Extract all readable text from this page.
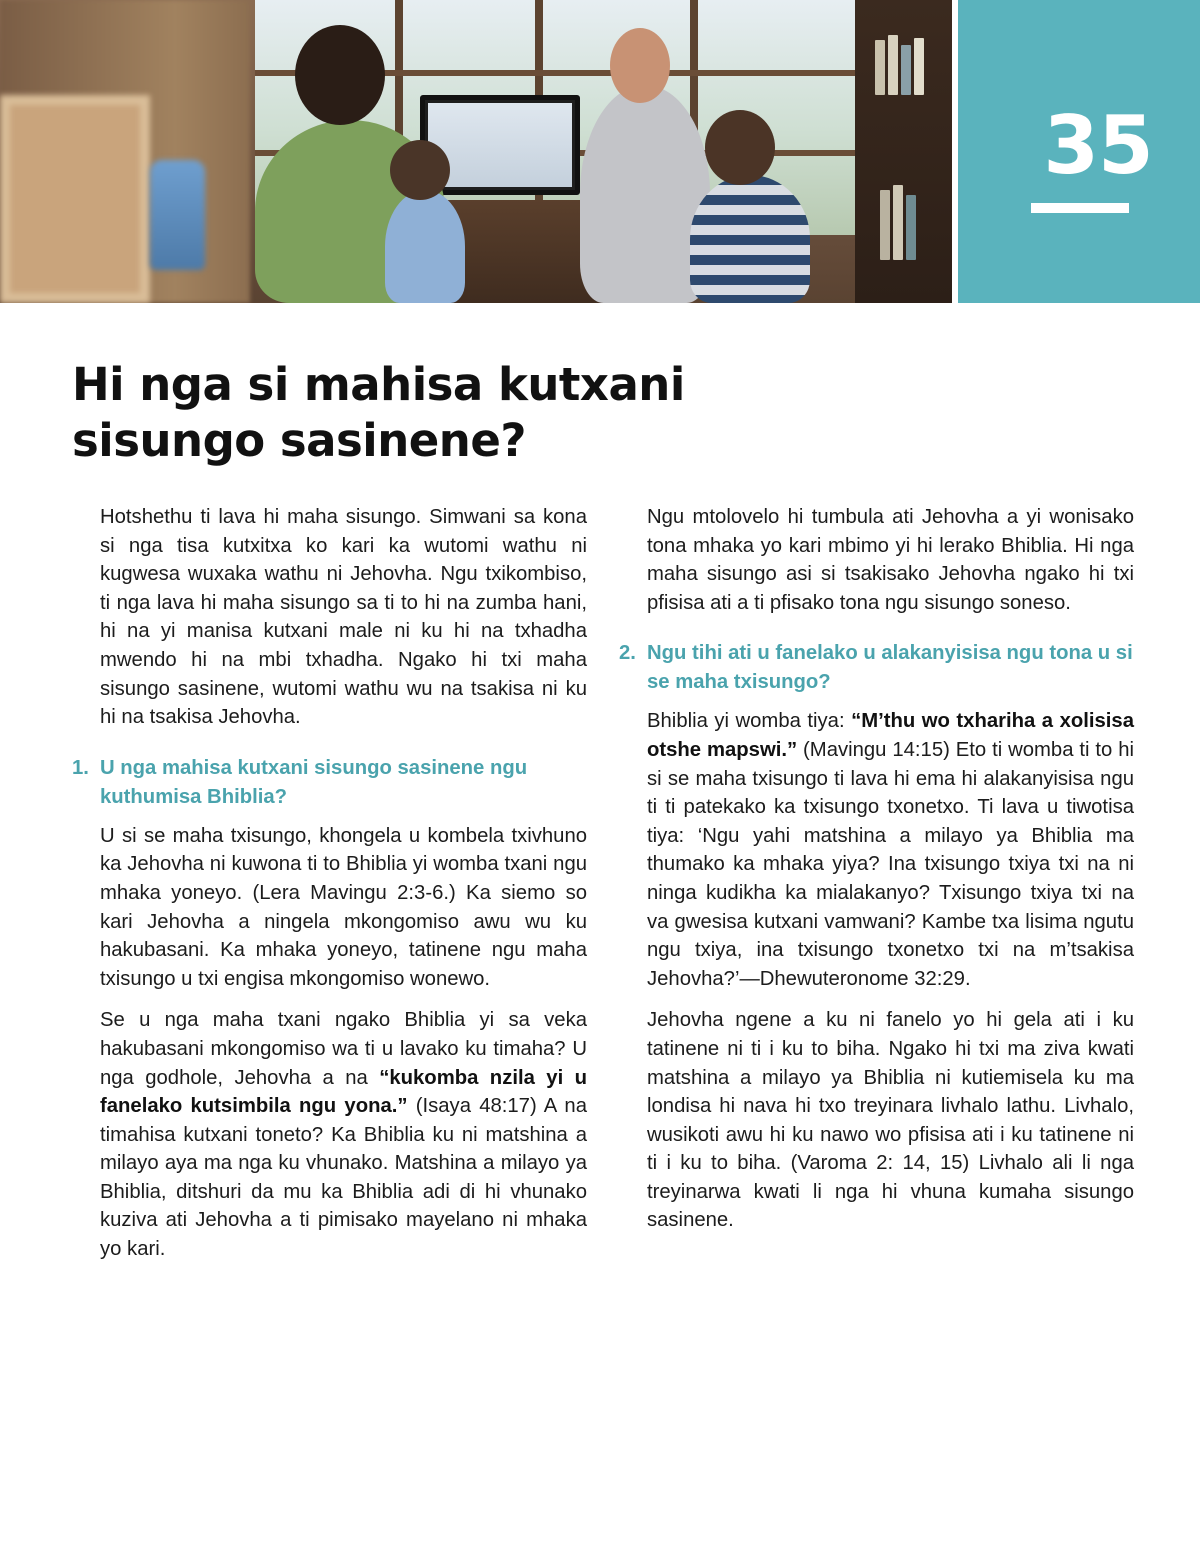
35
Hi nga si mahisa kutxani sisungo sasinene?

Hotshethu ti lava hi maha sisungo. Simwani sa kona si nga tisa kutxitxa ko kari ka wutomi wathu ni kugwesa wuxaka wathu ni Jehovha. Ngu txikombiso, ti nga lava hi maha sisungo sa ti to hi na zumba hani, hi na yi manisa kutxani male ni ku hi na txhadha mwendo hi na mbi txhadha. Ngako hi txi maha sisungo sasinene, wutomi wathu wu na tsakisa ni ku hi na tsakisa Jehovha.

1. U nga mahisa kutxani sisungo sasinene ngu kuthumisa Bhiblia?

U si se maha txisungo, khongela u kombela txivhuno ka Jehovha ni kuwona ti to Bhiblia yi womba txani ngu mhaka yoneyo. (Lera Mavingu 2:3-6.) Ka siemo so kari Jehovha a ningela mkongomiso awu wu ku hakubasani. Ka mhaka yoneyo, tatinene ngu maha txisungo u txi engisa mkongomiso wonewo.

Se u nga maha txani ngako Bhiblia yi sa veka hakubasani mkongomiso wa ti u lavako ku timaha? U nga godhole, Jehovha a na “kukomba nzila yi u fanelako kutsimbila ngu yona.” (Isaya 48:17) A na timahisa kutxani toneto? Ka Bhiblia ku ni matshina a milayo aya ma nga ku vhunako. Matshina a milayo ya Bhiblia, ditshuri da mu ka Bhiblia adi di hi vhunako kuziva ati Jehovha a ti pimisako mayelano ni mhaka yo kari.

Ngu mtolovelo hi tumbula ati Jehovha a yi wonisako tona mhaka yo kari mbimo yi hi lerako Bhiblia. Hi nga maha sisungo asi si tsakisako Jehovha ngako hi txi pfisisa ati a ti pfisako tona ngu sisungo soneso.

2. Ngu tihi ati u fanelako u alakanyisisa ngu tona u si se maha txisungo?

Bhiblia yi womba tiya: “M’thu wo txhariha a xolisisa otshe mapswi.” (Mavingu 14:15) Eto ti womba ti to hi si se maha txisungo ti lava hi ema hi alakanyisisa ngu ti ti patekako ka txisungo txonetxo. Ti lava u tiwotisa tiya: ‘Ngu yahi matshina a milayo ya Bhiblia ma thumako ka mhaka yiya? Ina txisungo txiya txi na ni ninga kudikha ka mialakanyo? Txisungo txiya txi na va gwesisa kutxani vamwani? Kambe txa lisima ngutu ngu txiya, ina txisungo txonetxo txi na m’tsakisa Jehovha?’—Dhewuteronome 32:29.

Jehovha ngene a ku ni fanelo yo hi gela ati i ku tatinene ni ti i ku to biha. Ngako hi txi ma ziva kwati matshina a milayo ya Bhiblia ni kutiemisela ku ma londisa hi nava hi txo treyinara livhalo lathu. Livhalo, wusikoti awu hi ku nawo wo pfisisa ati i ku tatinene ni ti i ku to biha. (Varoma 2: 14, 15) Livhalo ali li nga treyinarwa kwati li nga hi vhuna kumaha sisungo sasinene.
